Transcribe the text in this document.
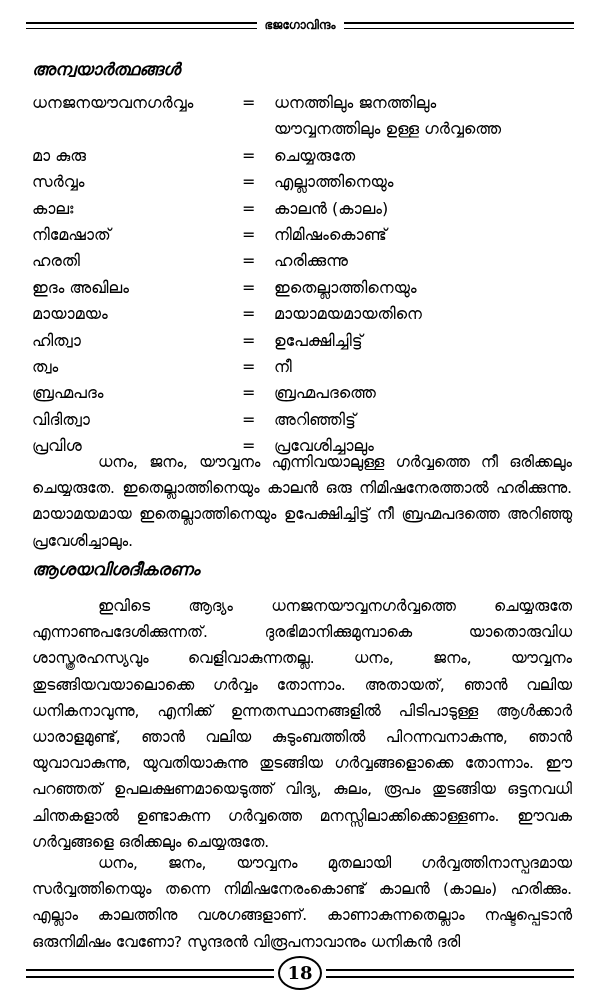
ഭജഗോവിന്ദം
അന്വയാർത്ഥങ്ങൾ
ധനജനയൗവനഗർവ്വം	= ധനത്തിലും ജനത്തിലും
യൗവ്വനത്തിലും ഉള്ള ഗർവ്വത്തെ
മാ കുരു	= ചെയ്യരുതേ
സർവ്വം	= എല്ലാത്തിനെയും
കാലഃ	= കാലൻ (കാലം)
നിമേഷാത്	= നിമിഷംകൊണ്ട്
ഹരതി	= ഹരിക്കുന്നു
ഇദം അഖിലം	= ഇതെല്ലാത്തിനെയും
മായാമയം	= മായാമയമായതിനെ
ഹിത്വാ	= ഉപേക്ഷിച്ചിട്ട്
ത്വം	= നീ
ബ്രഹ്മപദം	= ബ്രഹ്മപദത്തെ
വിദിത്വാ	= അറിഞ്ഞിട്ട്
പ്രവിശ	= പ്രവേശിച്ചാലും

ധനം, ജനം, യൗവ്വനം എന്നിവയാലുള്ള ഗർവ്വത്തെ നീ ഒരിക്കലും ചെയ്യരുതേ. ഇതെല്ലാത്തിനെയും കാലൻ ഒരു നിമിഷനേരത്താൽ ഹരിക്കുന്നു. മായാമയമായ ഇതെല്ലാത്തിനെയും ഉപേക്ഷിച്ചിട്ട് നീ ബ്രഹ്മപദത്തെ അറിഞ്ഞു പ്രവേശിച്ചാലും.

ആശയവിശദീകരണം

ഇവിടെ ആദ്യം ധനജനയൗവ്വനഗർവ്വത്തെ ചെയ്യരുതേ എന്നാണുപദേശിക്കുന്നത്. ദുരഭിമാനിക്കുമുമ്പാകെ യാതൊരുവിധ ശാസ്ത്രരഹസ്യവും വെളിവാകുന്നതല്ല. ധനം, ജനം, യൗവ്വനം തുടങ്ങിയവയാലൊക്കെ ഗർവ്വം തോന്നാം. അതായത്, ഞാൻ വലിയ ധനികനാവുന്നു, എനിക്ക് ഉന്നതസ്ഥാനങ്ങളിൽ പിടിപാടുള്ള ആൾക്കാർ ധാരാളമുണ്ട്, ഞാൻ വലിയ കുടുംബത്തിൽ പിറന്നവനാകുന്നു, ഞാൻ യുവാവാകുന്നു, യുവതിയാകുന്നു തുടങ്ങിയ ഗർവ്വങ്ങളൊക്കെ തോന്നാം. ഈ പറഞ്ഞത് ഉപലക്ഷണമായെടുത്ത് വിദ്യ, കുലം, രൂപം തുടങ്ങിയ ഒട്ടനവധി ചിന്തകളാൽ ഉണ്ടാകുന്ന ഗർവ്വത്തെ മനസ്സിലാക്കിക്കൊള്ളണം. ഈവക ഗർവ്വങ്ങളെ ഒരിക്കലും ചെയ്യരുതേ.

ധനം, ജനം, യൗവ്വനം മുതലായി ഗർവ്വത്തിനാസ്പദമായ സർവ്വത്തിനെയും തന്നെ നിമിഷനേരംകൊണ്ട് കാലൻ (കാലം) ഹരിക്കും. എല്ലാം കാലത്തിനു വശഗങ്ങളാണ്. കാണാകുന്നതെല്ലാം നഷ്ടപ്പെടാൻ ഒരുനിമിഷം വേണോ? സുന്ദരൻ വിരൂപനാവാനും ധനികൻ ദരി

18
